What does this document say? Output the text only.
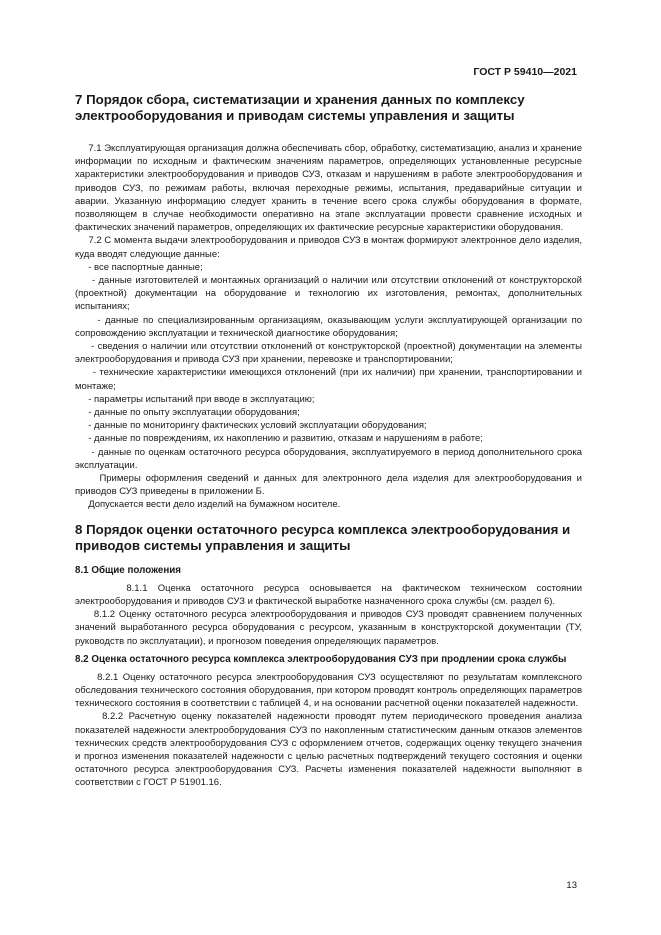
ГОСТ Р 59410—2021
7 Порядок сбора, систематизации и хранения данных по комплексу электрооборудования и приводам системы управления и защиты

7.1 Эксплуатирующая организация должна обеспечивать сбор, обработку, систематизацию, анализ и хранение информации по исходным и фактическим значениям параметров, определяющих установленные ресурсные характеристики электрооборудования и приводов СУЗ, отказам и нарушениям в работе электрооборудования и приводов СУЗ, по режимам работы, включая переходные режимы, испытания, предаварийные ситуации и аварии. Указанную информацию следует хранить в течение всего срока службы оборудования в формате, позволяющем в случае необходимости оперативно на этапе эксплуатации провести сравнение исходных и фактических значений параметров, определяющих их фактические ресурсные характеристики оборудования.

7.2 С момента выдачи электрооборудования и приводов СУЗ в монтаж формируют электронное дело изделия, куда вводят следующие данные:

- все паспортные данные;

- данные изготовителей и монтажных организаций о наличии или отсутствии отклонений от конструкторской (проектной) документации на оборудование и технологию их изготовления, ремонтах, дополнительных испытаниях;

- данные по специализированным организациям, оказывающим услуги эксплуатирующей организации по сопровождению эксплуатации и технической диагностике оборудования;

- сведения о наличии или отсутствии отклонений от конструкторской (проектной) документации на элементы электрооборудования и привода СУЗ при хранении, перевозке и транспортировании;

- технические характеристики имеющихся отклонений (при их наличии) при хранении, транспортировании и монтаже;

- параметры испытаний при вводе в эксплуатацию;

- данные по опыту эксплуатации оборудования;

- данные по мониторингу фактических условий эксплуатации оборудования;

- данные по повреждениям, их накоплению и развитию, отказам и нарушениям в работе;

- данные по оценкам остаточного ресурса оборудования, эксплуатируемого в период дополнительного срока эксплуатации.

Примеры оформления сведений и данных для электронного дела изделия для электрооборудования и приводов СУЗ приведены в приложении Б.

Допускается вести дело изделий на бумажном носителе.

8 Порядок оценки остаточного ресурса комплекса электрооборудования и приводов системы управления и защиты
8.1 Общие положения

8.1.1 Оценка остаточного ресурса основывается на фактическом техническом состоянии электрооборудования и приводов СУЗ и фактической выработке назначенного срока службы (см. раздел 6).

8.1.2 Оценку остаточного ресурса электрооборудования и приводов СУЗ проводят сравнением полученных значений выработанного ресурса оборудования с ресурсом, указанным в конструкторской документации (ТУ, руководств по эксплуатации), и прогнозом поведения определяющих параметров.

8.2 Оценка остаточного ресурса комплекса электрооборудования СУЗ при продлении срока службы

8.2.1 Оценку остаточного ресурса электрооборудования СУЗ осуществляют по результатам комплексного обследования технического состояния оборудования, при котором проводят контроль определяющих параметров технического состояния в соответствии с таблицей 4, и на основании расчетной оценки показателей надежности.

8.2.2 Расчетную оценку показателей надежности проводят путем периодического проведения анализа показателей надежности электрооборудования СУЗ по накопленным статистическим данным отказов элементов технических средств электрооборудования СУЗ с оформлением отчетов, содержащих оценку текущего значения и прогноз изменения показателей надежности с целью расчетных подтверждений текущего состояния и оценки остаточного ресурса электрооборудования СУЗ. Расчеты изменения показателей надежности выполняют в соответствии с ГОСТ Р 51901.16.

13
